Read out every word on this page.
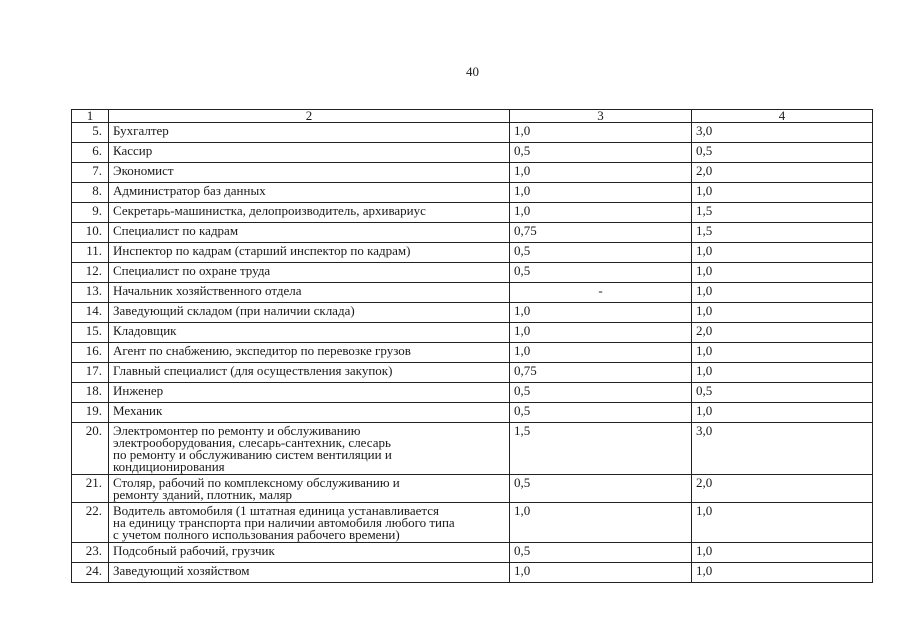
40
1	2	3	4
5.	Бухгалтер	1,0	3,0
6.	Кассир	0,5	0,5
7.	Экономист	1,0	2,0
8.	Администратор баз данных	1,0	1,0
9.	Секретарь-машинистка, делопроизводитель, архивариус	1,0	1,5
10.	Специалист по кадрам	0,75	1,5
11.	Инспектор по кадрам (старший инспектор по кадрам)	0,5	1,0
12.	Специалист по охране труда	0,5	1,0
13.	Начальник хозяйственного отдела	-	1,0
14.	Заведующий складом (при наличии склада)	1,0	1,0
15.	Кладовщик	1,0	2,0
16.	Агент по снабжению, экспедитор по перевозке грузов	1,0	1,0
17.	Главный специалист (для осуществления закупок)	0,75	1,0
18.	Инженер	0,5	0,5
19.	Механик	0,5	1,0
20.	Электромонтер по ремонту и обслуживанию
электрооборудования, слесарь-сантехник, слесарь
по ремонту и обслуживанию систем вентиляции и
кондиционирования	1,5	3,0
21.	Столяр, рабочий по комплексному обслуживанию и
ремонту зданий, плотник, маляр	0,5	2,0
22.	Водитель автомобиля (1 штатная единица устанавливается
на единицу транспорта при наличии автомобиля любого типа
с учетом полного использования рабочего времени)	1,0	1,0
23.	Подсобный рабочий, грузчик	0,5	1,0
24.	Заведующий хозяйством	1,0	1,0
